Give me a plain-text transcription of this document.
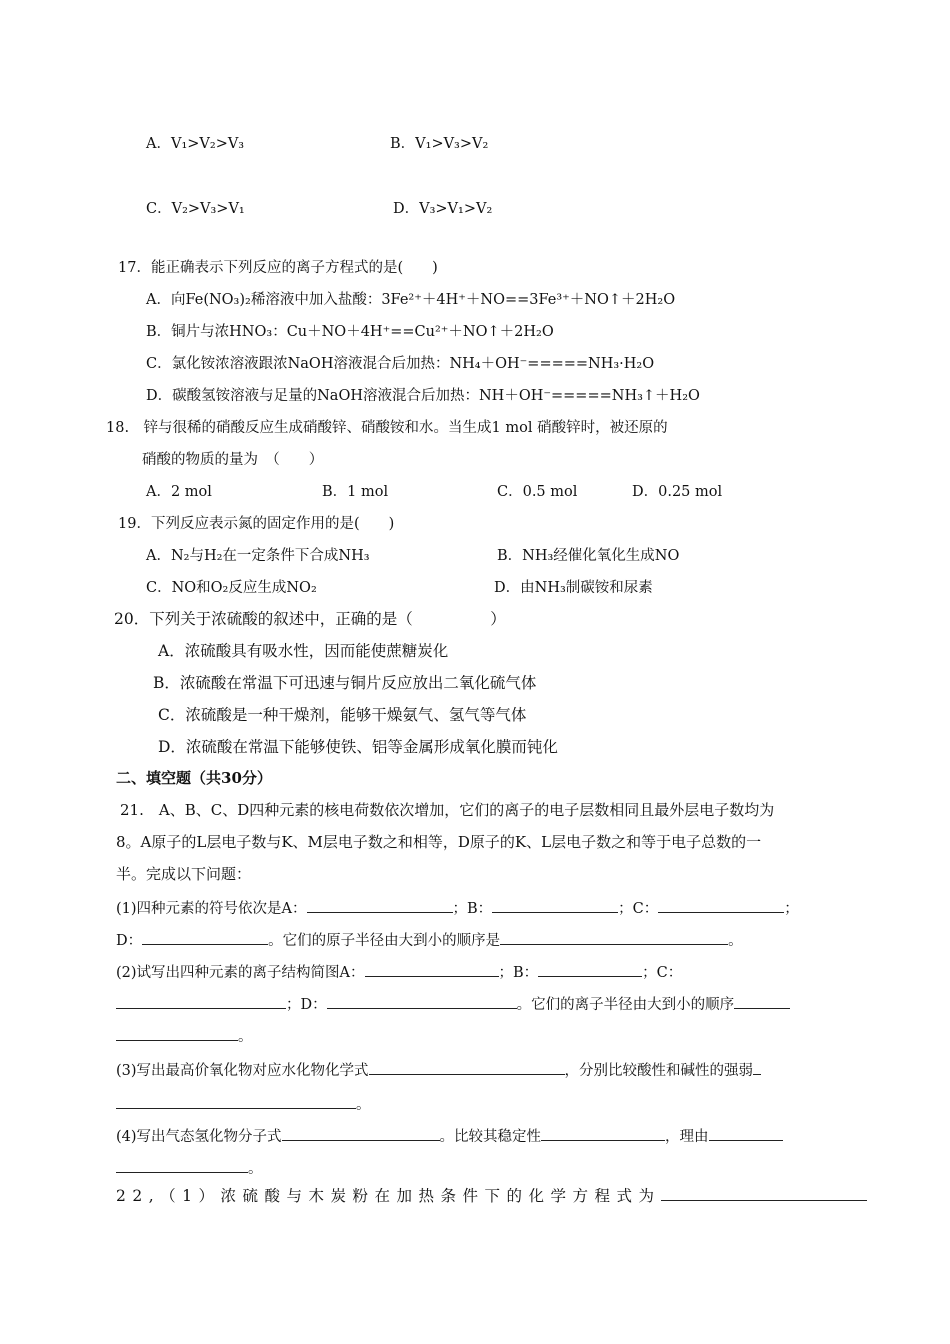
A．V₁>V₂>V₃	B．V₁>V₃>V₂
C．V₂>V₃>V₁	D．V₃>V₁>V₂
17．能正确表示下列反应的离子方程式的是(　　)
A．向Fe(NO₃)₂稀溶液中加入盐酸：3Fe²⁺＋4H⁺＋NO==3Fe³⁺＋NO↑＋2H₂O
B．铜片与浓HNO₃：Cu＋NO＋4H⁺==Cu²⁺＋NO↑＋2H₂O
C．氯化铵浓溶液跟浓NaOH溶液混合后加热：NH₄＋OH⁻=====NH₃·H₂O
D．碳酸氢铵溶液与足量的NaOH溶液混合后加热：NH＋OH⁻=====NH₃↑＋H₂O
18.　锌与很稀的硝酸反应生成硝酸锌、硝酸铵和水。当生成1 mol 硝酸锌时，被还原的
硝酸的物质的量为　（　　）
A．2 mol	B．1 mol	C．0.5 mol	D．0.25 mol
19．下列反应表示氮的固定作用的是(　　)
A．N₂与H₂在一定条件下合成NH₃	B．NH₃经催化氧化生成NO
C．NO和O₂反应生成NO₂	D．由NH₃制碳铵和尿素
20．下列关于浓硫酸的叙述中，正确的是（　　　　　）
A．浓硫酸具有吸水性，因而能使蔗糖炭化
B．浓硫酸在常温下可迅速与铜片反应放出二氧化硫气体
C．浓硫酸是一种干燥剂，能够干燥氨气、氢气等气体
D．浓硫酸在常温下能够使铁、铝等金属形成氧化膜而钝化
二、填空题（共30分）
21.　A、B、C、D四种元素的核电荷数依次增加，它们的离子的电子层数相同且最外层电子数均为
8。A原子的L层电子数与K、M层电子数之和相等，D原子的K、L层电子数之和等于电子总数的一
半。完成以下问题：
(1)四种元素的符号依次是A：	；B：	；C：	；
D：	。它们的原子半径由大到小的顺序是	。
(2)试写出四种元素的离子结构简图A：	；B：	；C：
；D：	。它们的离子半径由大到小的顺序
。
(3)写出最高价氧化物对应水化物化学式	，分别比较酸性和碱性的强弱
。
(4)写出气态氢化物分子式	。比较其稳定性	，理由
。
22,（1）浓硫酸与木炭粉在加热条件下的化学方程式为
